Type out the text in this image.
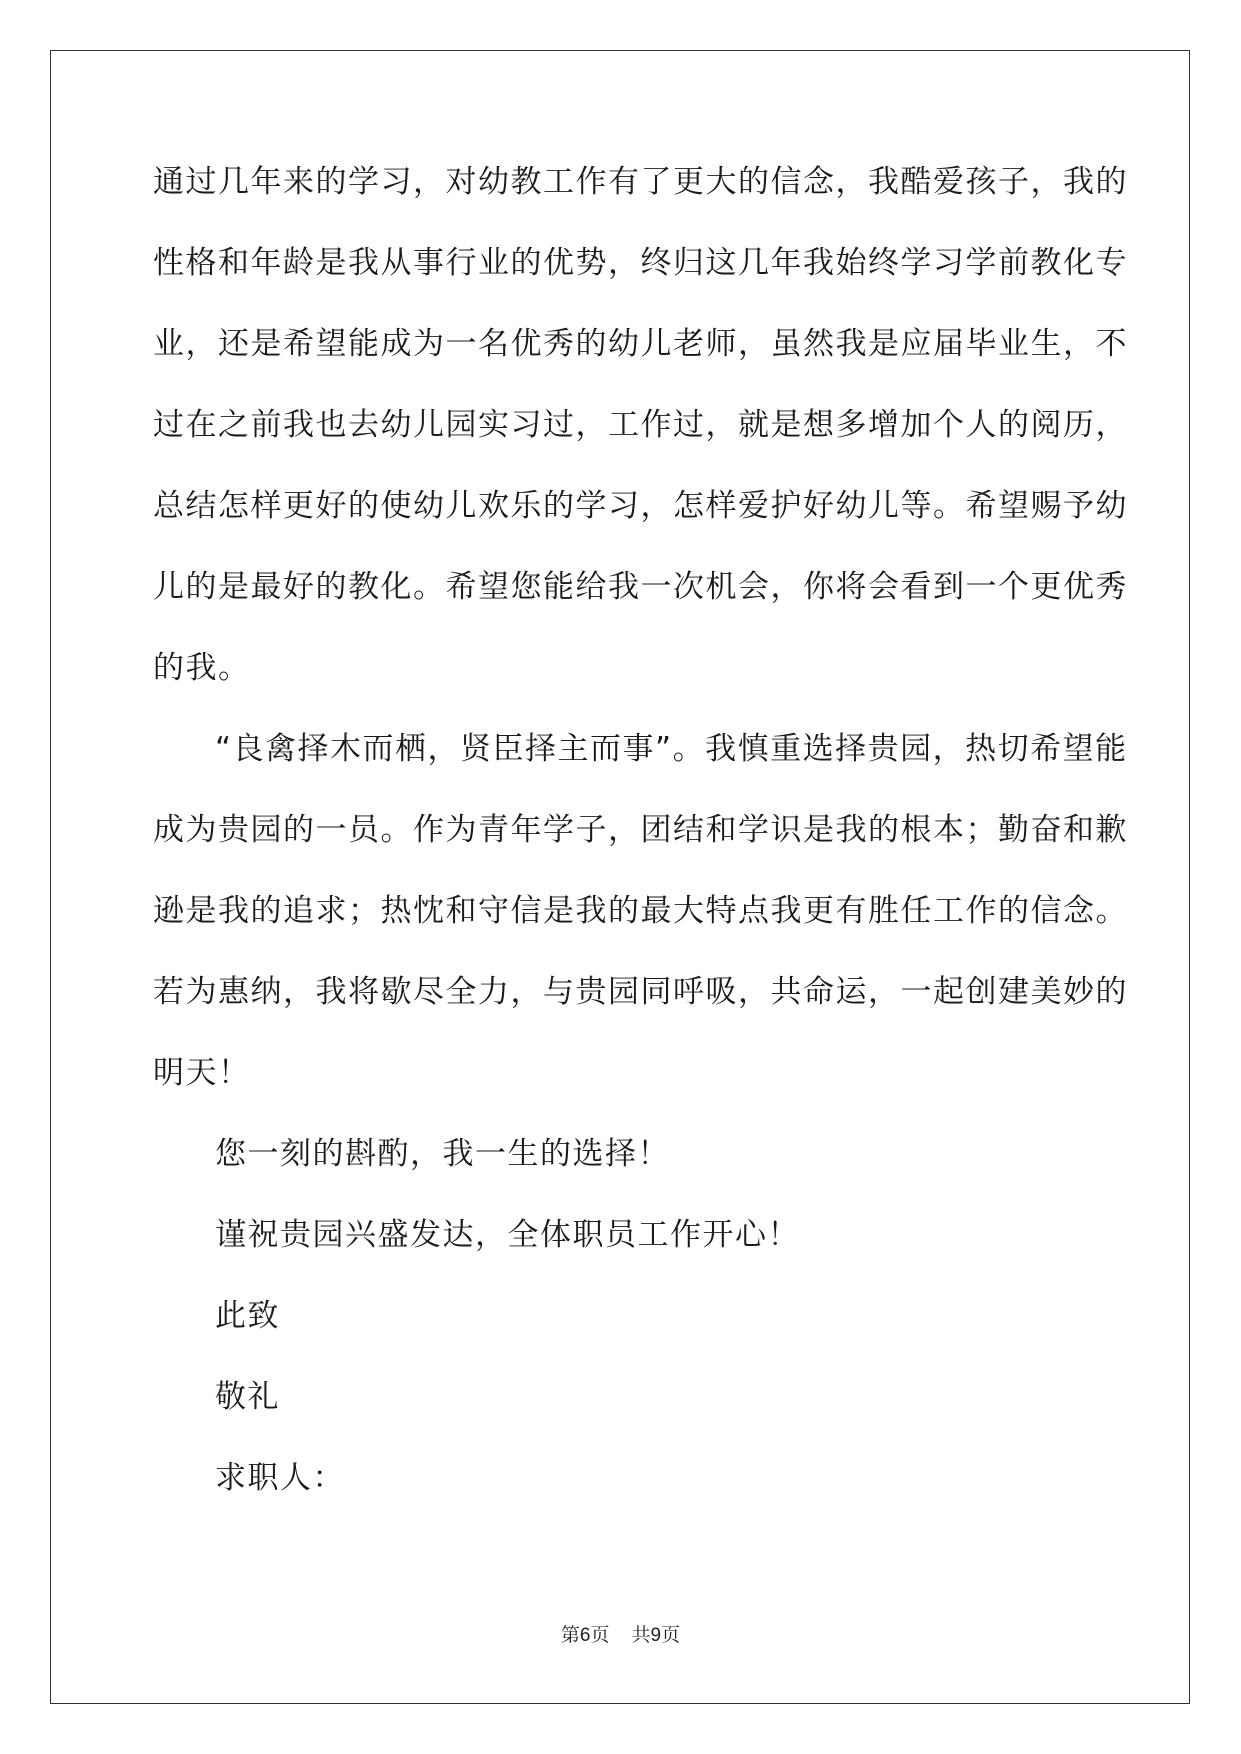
通过几年来的学习，对幼教工作有了更大的信念，我酷爱孩子，我的
性格和年龄是我从事行业的优势，终归这几年我始终学习学前教化专
业，还是希望能成为一名优秀的幼儿老师，虽然我是应届毕业生，不
过在之前我也去幼儿园实习过，工作过，就是想多增加个人的阅历，
总结怎样更好的使幼儿欢乐的学习，怎样爱护好幼儿等。希望赐予幼
儿的是最好的教化。希望您能给我一次机会，你将会看到一个更优秀
的我。
“良禽择木而栖，贤臣择主而事”。我慎重选择贵园，热切希望能
成为贵园的一员。作为青年学子，团结和学识是我的根本；勤奋和歉
逊是我的追求；热忱和守信是我的最大特点我更有胜任工作的信念。
若为惠纳，我将歇尽全力，与贵园同呼吸，共命运，一起创建美妙的
明天！
您一刻的斟酌，我一生的选择！
谨祝贵园兴盛发达，全体职员工作开心！
此致
敬礼
求职人：
第6页 共9页
